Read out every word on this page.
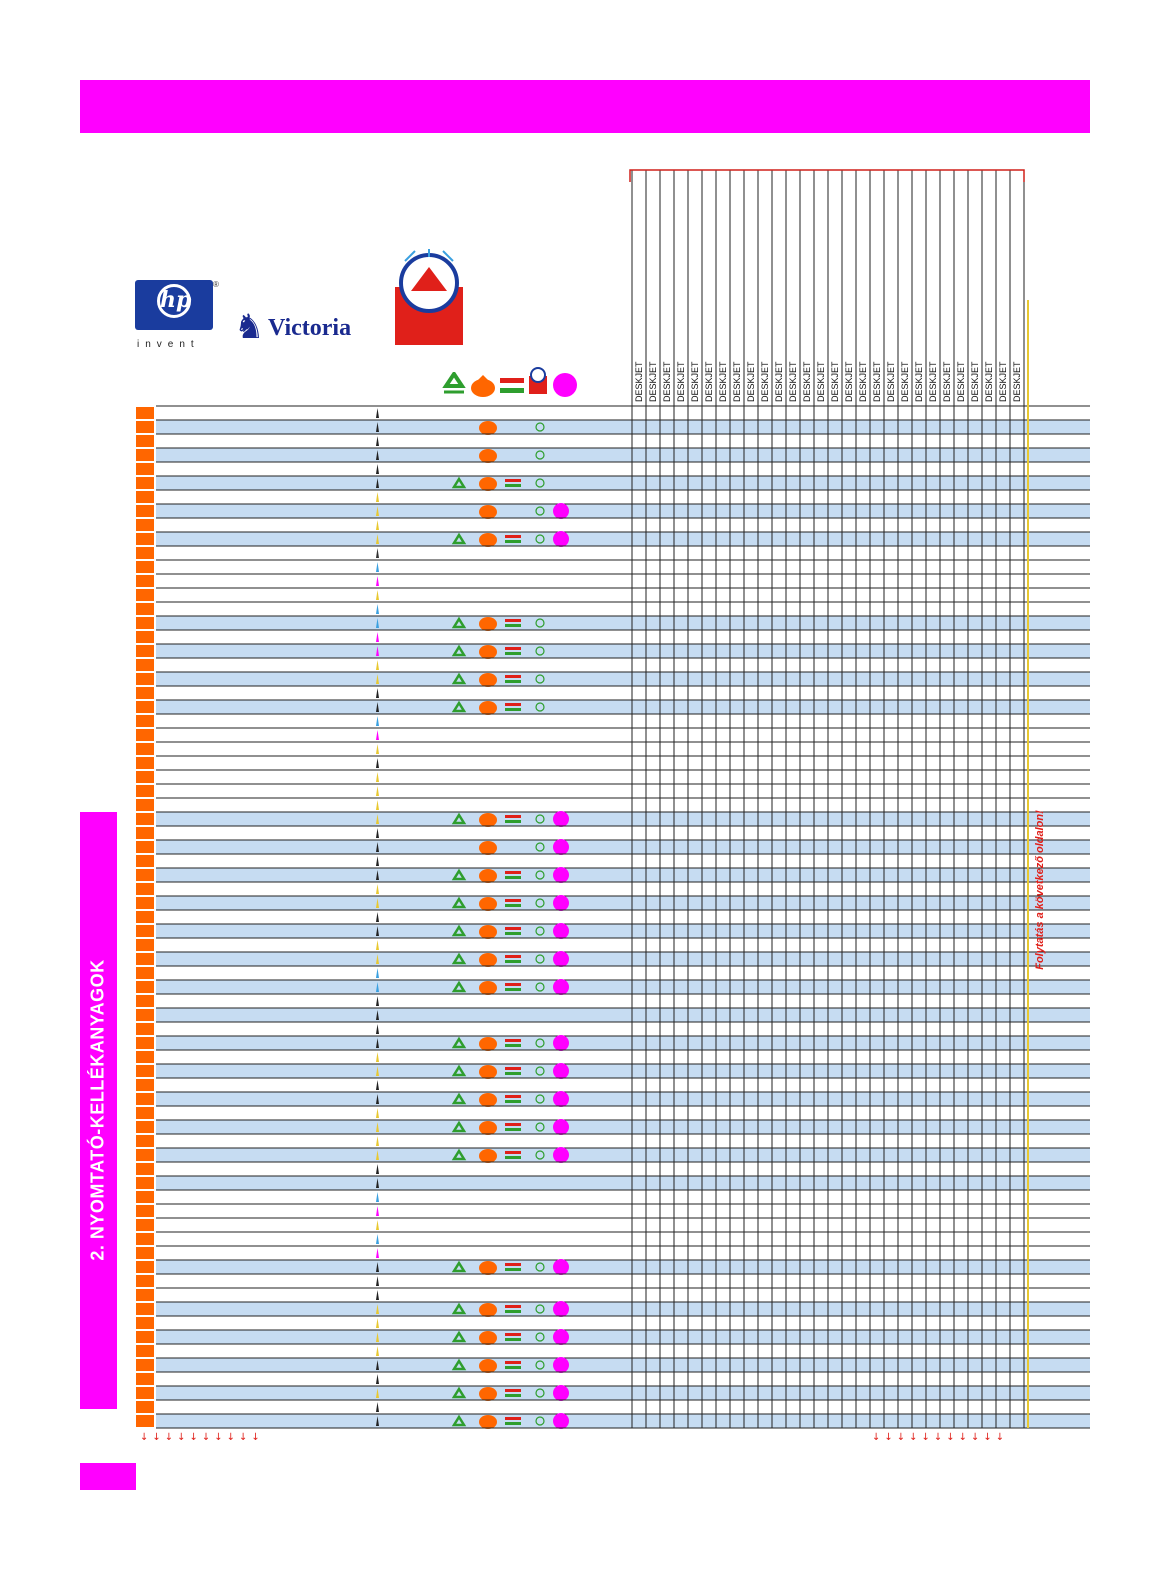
hp
®
invent ♞ Victoria
DESKJET DESKJET DESKJET DESKJET DESKJET DESKJET DESKJET DESKJET DESKJET DESKJET DESKJET DESKJET DESKJET DESKJET DESKJET DESKJET DESKJET DESKJET DESKJET DESKJET DESKJET DESKJET DESKJET DESKJET DESKJET DESKJET DESKJET DESKJET
2. NYOMTATÓ-KELLÉKANYAGOK
Folytatás a következő oldalon!
↓↓↓↓↓↓↓↓↓↓	↓↓↓↓↓↓↓↓↓↓↓
